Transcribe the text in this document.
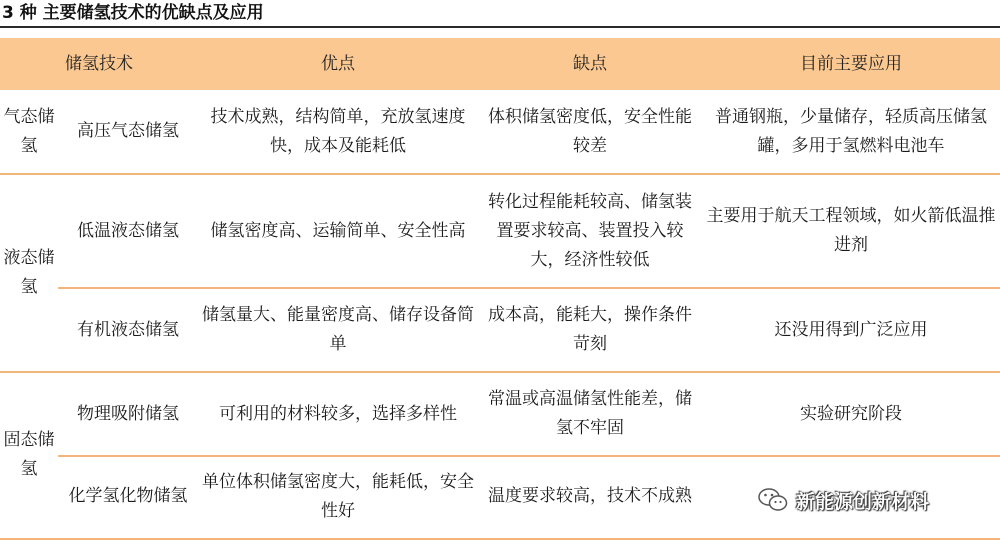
3 种 主要储氢技术的优缺点及应用
储氢技术		优点	缺点	目前主要应用
气态储氢	高压气态储氢	技术成熟，结构简单，充放氢速度快，成本及能耗低	体积储氢密度低，安全性能较差	普通钢瓶，少量储存，轻质高压储氢罐，多用于氢燃料电池车
液态储氢	低温液态储氢	储氢密度高、运输简单、安全性高	转化过程能耗较高、储氢装置要求较高、装置投入较大，经济性较低	主要用于航天工程领域，如火箭低温推进剂
	有机液态储氢	储氢量大、能量密度高、储存设备简单	成本高，能耗大，操作条件苛刻	还没用得到广泛应用
固态储氢	物理吸附储氢	可利用的材料较多，选择多样性	常温或高温储氢性能差，储氢不牢固	实验研究阶段
	化学氢化物储氢	单位体积储氢密度大，能耗低，安全性好	温度要求较高，技术不成熟		新能源创新材料
